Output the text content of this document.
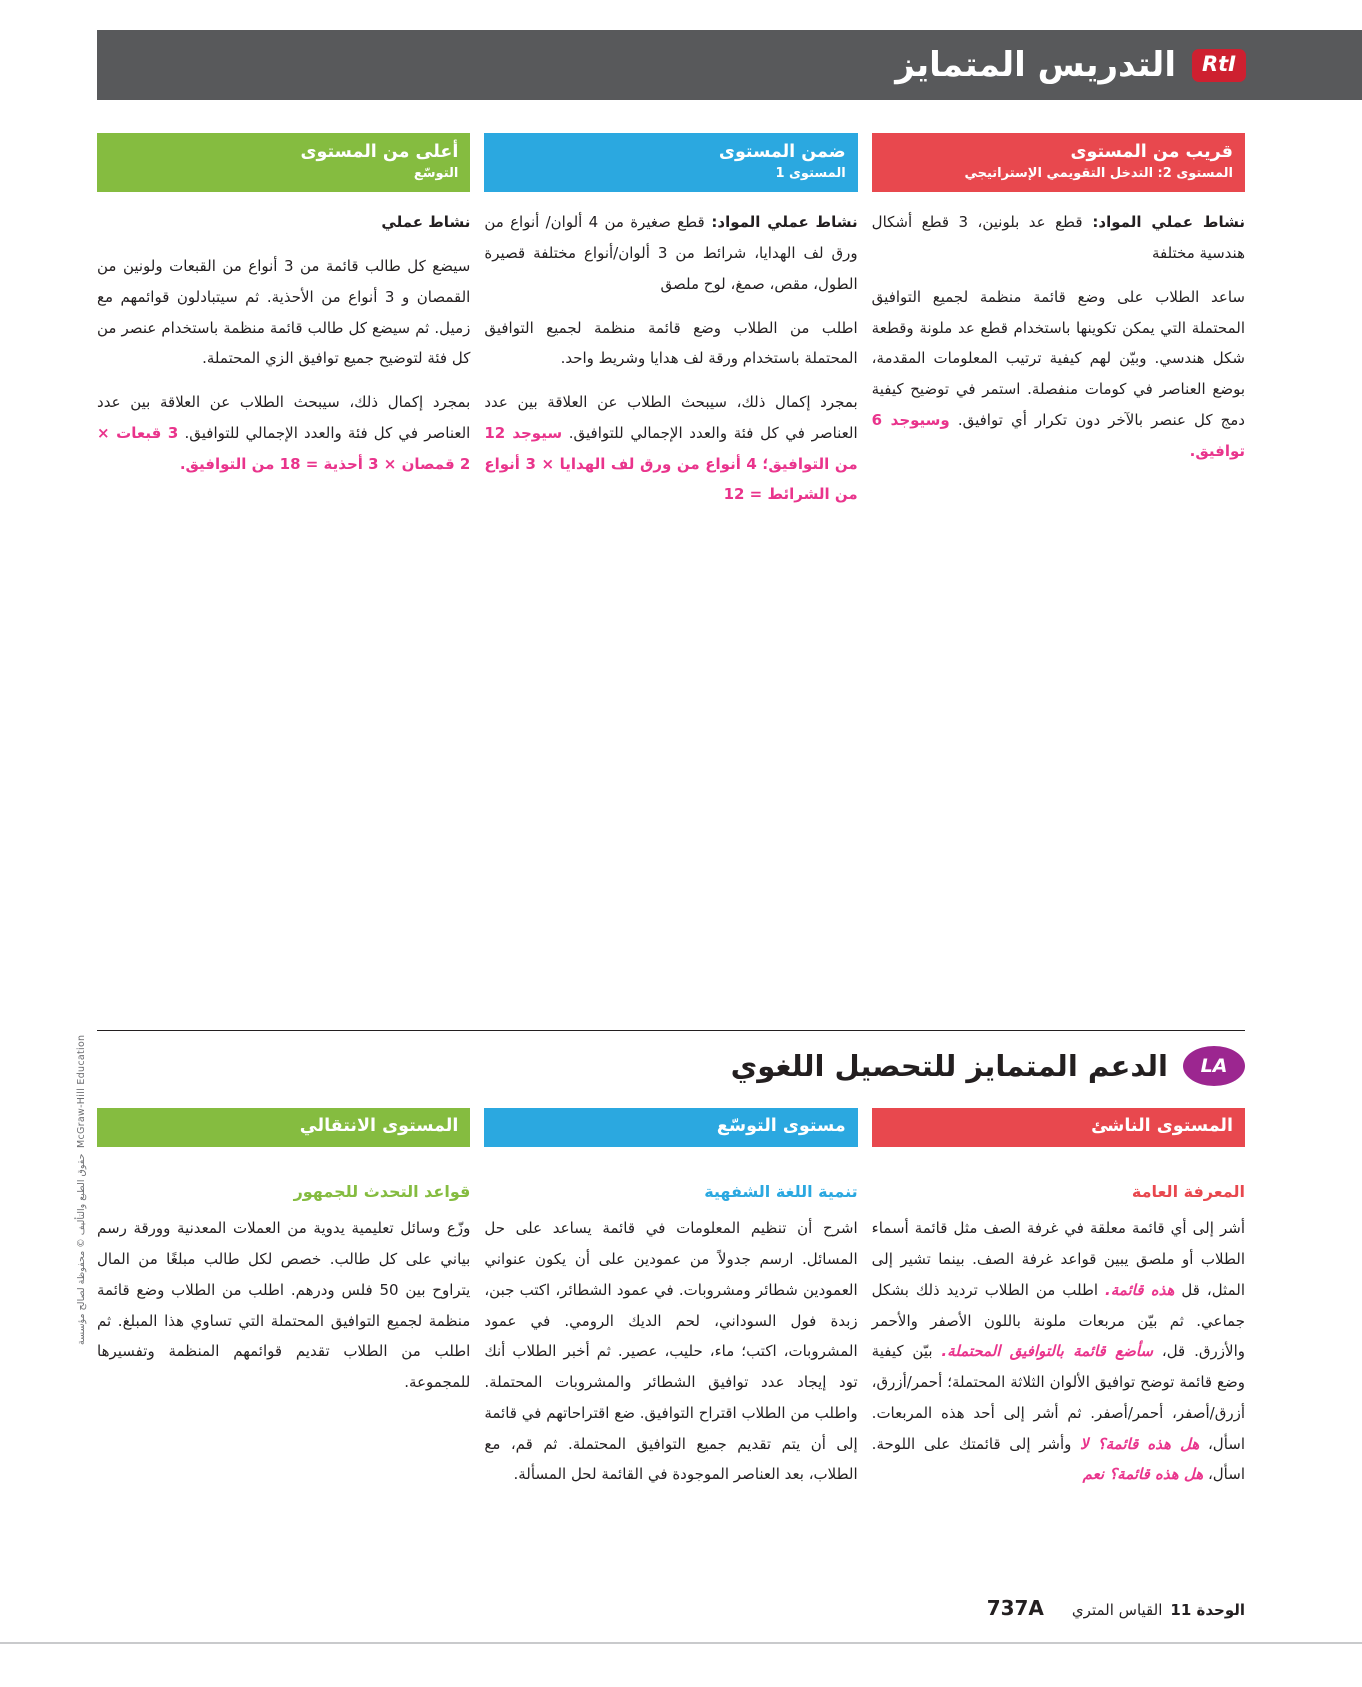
RtI
التدريس المتمايز
قريب من المستوى
المستوى 2: التدخل التقويمي الإستراتيجي

نشاط عملي المواد: قطع عد بلونين، 3 قطع أشكال هندسية مختلفة

ساعد الطلاب على وضع قائمة منظمة لجميع التوافيق المحتملة التي يمكن تكوينها باستخدام قطع عد ملونة وقطعة شكل هندسي. وبيّن لهم كيفية ترتيب المعلومات المقدمة، بوضع العناصر في كومات منفصلة. استمر في توضيح كيفية دمج كل عنصر بالآخر دون تكرار أي توافيق. وسيوجد 6 توافيق.

ضمن المستوى
المستوى 1

نشاط عملي المواد: قطع صغيرة من 4 ألوان/ أنواع من ورق لف الهدايا، شرائط من 3 ألوان/أنواع مختلفة قصيرة الطول، مقص، صمغ، لوح ملصق

اطلب من الطلاب وضع قائمة منظمة لجميع التوافيق المحتملة باستخدام ورقة لف هدايا وشريط واحد.

بمجرد إكمال ذلك، سيبحث الطلاب عن العلاقة بين عدد العناصر في كل فئة والعدد الإجمالي للتوافيق. سيوجد 12 من التوافيق؛ 4 أنواع من ورق لف الهدايا × 3 أنواع من الشرائط = 12

أعلى من المستوى
التوسّع

نشاط عملي

سيضع كل طالب قائمة من 3 أنواع من القبعات ولونين من القمصان و 3 أنواع من الأحذية. ثم سيتبادلون قوائمهم مع زميل. ثم سيضع كل طالب قائمة منظمة باستخدام عنصر من كل فئة لتوضيح جميع توافيق الزي المحتملة.

بمجرد إكمال ذلك، سيبحث الطلاب عن العلاقة بين عدد العناصر في كل فئة والعدد الإجمالي للتوافيق. 3 قبعات × 2 قمصان × 3 أحذية = 18 من التوافيق.

LA
الدعم المتمايز للتحصيل اللغوي
المستوى الناشئ
المعرفة العامة

أشر إلى أي قائمة معلقة في غرفة الصف مثل قائمة أسماء الطلاب أو ملصق يبين قواعد غرفة الصف. بينما تشير إلى المثل، قل هذه قائمة. اطلب من الطلاب ترديد ذلك بشكل جماعي. ثم بيّن مربعات ملونة باللون الأصفر والأحمر والأزرق. قل، سأضع قائمة بالتوافيق المحتملة. بيّن كيفية وضع قائمة توضح توافيق الألوان الثلاثة المحتملة؛ أحمر/أزرق، أزرق/أصفر، أحمر/أصفر. ثم أشر إلى أحد هذه المربعات. اسأل، هل هذه قائمة؟ لا وأشر إلى قائمتك على اللوحة. اسأل، هل هذه قائمة؟ نعم

مستوى التوسّع
تنمية اللغة الشفهية

اشرح أن تنظيم المعلومات في قائمة يساعد على حل المسائل. ارسم جدولاً من عمودين على أن يكون عنواني العمودين شطائر ومشروبات. في عمود الشطائر، اكتب جبن، زبدة فول السوداني، لحم الديك الرومي. في عمود المشروبات، اكتب؛ ماء، حليب، عصير. ثم أخبر الطلاب أنك تود إيجاد عدد توافيق الشطائر والمشروبات المحتملة. واطلب من الطلاب اقتراح التوافيق. ضع اقتراحاتهم في قائمة إلى أن يتم تقديم جميع التوافيق المحتملة. ثم قم، مع الطلاب، بعد العناصر الموجودة في القائمة لحل المسألة.

المستوى الانتقالي
قواعد التحدث للجمهور

وزّع وسائل تعليمية يدوية من العملات المعدنية وورقة رسم بياني على كل طالب. خصص لكل طالب مبلغًا من المال يتراوح بين 50 فلس ودرهم. اطلب من الطلاب وضع قائمة منظمة لجميع التوافيق المحتملة التي تساوي هذا المبلغ. ثم اطلب من الطلاب تقديم قوائمهم المنظمة وتفسيرها للمجموعة.

الوحدة 11
القياس المتري
737A
McGraw-Hill Education
حقوق الطبع والتأليف © محفوظة لصالح مؤسسة
